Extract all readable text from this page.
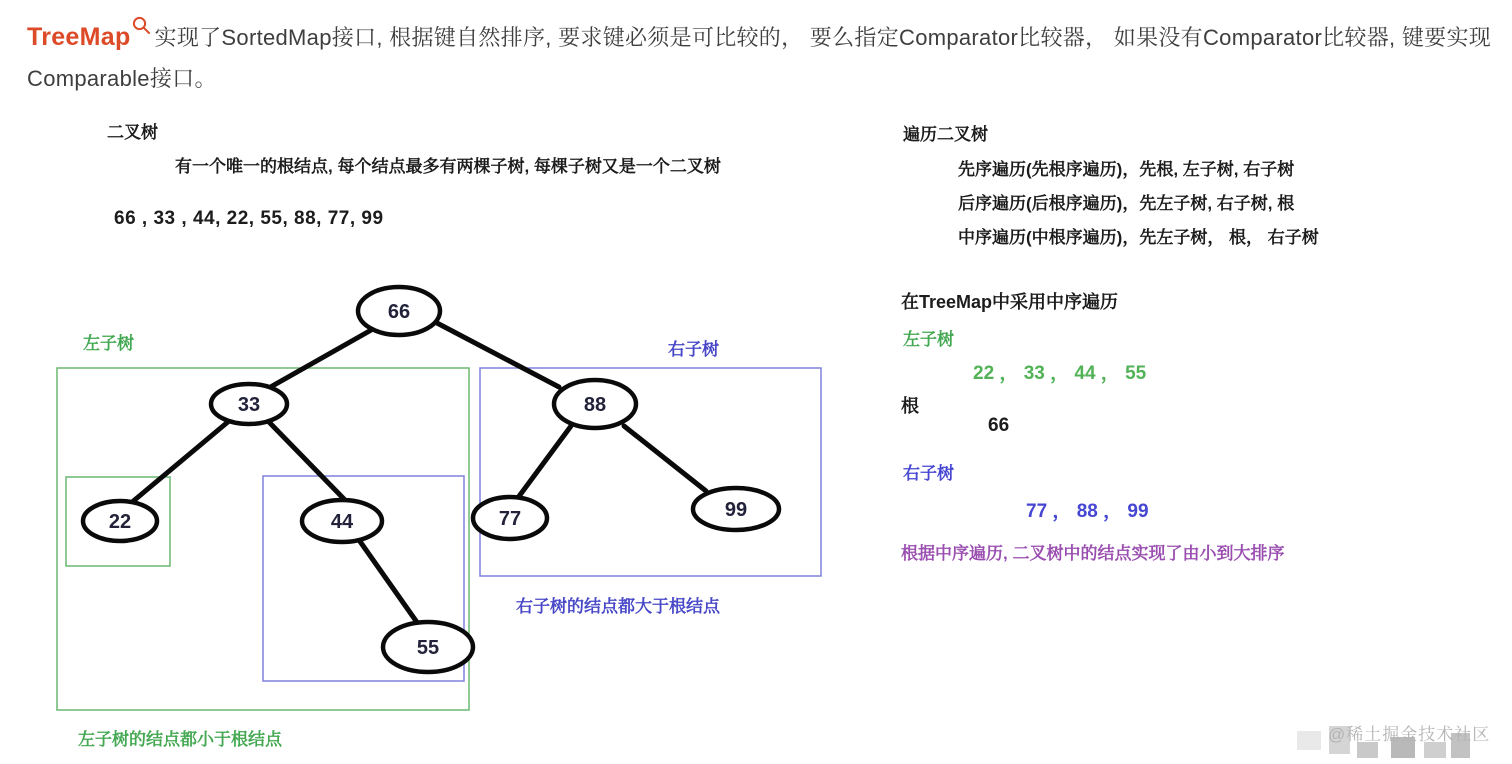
TreeMap 实现了SortedMap接口, 根据键自然排序, 要求键必须是可比较的， 要么指定Comparator比较器， 如果没有Comparator比较器, 键要实现Comparable接口。
二叉树
有一个唯一的根结点, 每个结点最多有两棵子树, 每棵子树又是一个二叉树
66 , 33 , 44, 22, 55, 88, 77, 99
66
33	88
22	44	77	99
55
左子树	右子树
右子树的结点都大于根结点
左子树的结点都小于根结点
遍历二叉树
先序遍历(先根序遍历)，先根, 左子树, 右子树
后序遍历(后根序遍历)，先左子树, 右子树, 根
中序遍历(中根序遍历)，先左子树， 根， 右子树
在TreeMap中采用中序遍历
左子树
22 ， 33 ， 44 ， 55
根
66
右子树
77 ， 88 ， 99
根据中序遍历, 二叉树中的结点实现了由小到大排序
@稀土掘金技术社区
